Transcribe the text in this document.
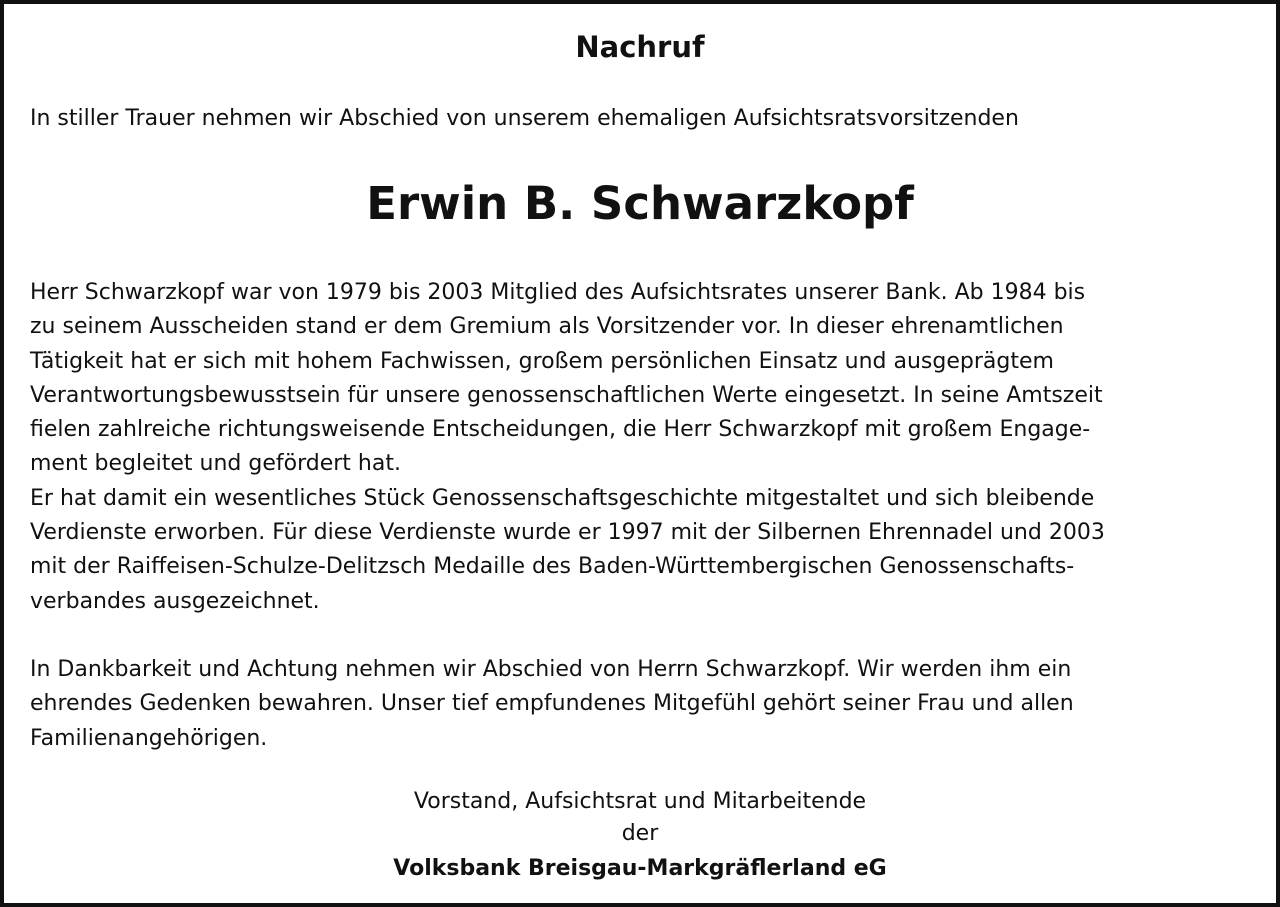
Nachruf
In stiller Trauer nehmen wir Abschied von unserem ehemaligen Aufsichtsratsvorsitzenden
Erwin B. Schwarzkopf
Herr Schwarzkopf war von 1979 bis 2003 Mitglied des Aufsichtsrates unserer Bank. Ab 1984 bis
zu seinem Ausscheiden stand er dem Gremium als Vorsitzender vor. In dieser ehrenamtlichen
Tätigkeit hat er sich mit hohem Fachwissen, großem persönlichen Einsatz und ausgeprägtem
Verantwortungsbewusstsein für unsere genossenschaftlichen Werte eingesetzt. In seine Amtszeit
fielen zahlreiche richtungsweisende Entscheidungen, die Herr Schwarzkopf mit großem Engage-
ment begleitet und gefördert hat.
Er hat damit ein wesentliches Stück Genossenschaftsgeschichte mitgestaltet und sich bleibende
Verdienste erworben. Für diese Verdienste wurde er 1997 mit der Silbernen Ehrennadel und 2003
mit der Raiffeisen-Schulze-Delitzsch Medaille des Baden-Württembergischen Genossenschafts-
verbandes ausgezeichnet.
In Dankbarkeit und Achtung nehmen wir Abschied von Herrn Schwarzkopf. Wir werden ihm ein
ehrendes Gedenken bewahren. Unser tief empfundenes Mitgefühl gehört seiner Frau und allen
Familienangehörigen.
Vorstand, Aufsichtsrat und Mitarbeitende
der
Volksbank Breisgau-Markgräflerland eG
